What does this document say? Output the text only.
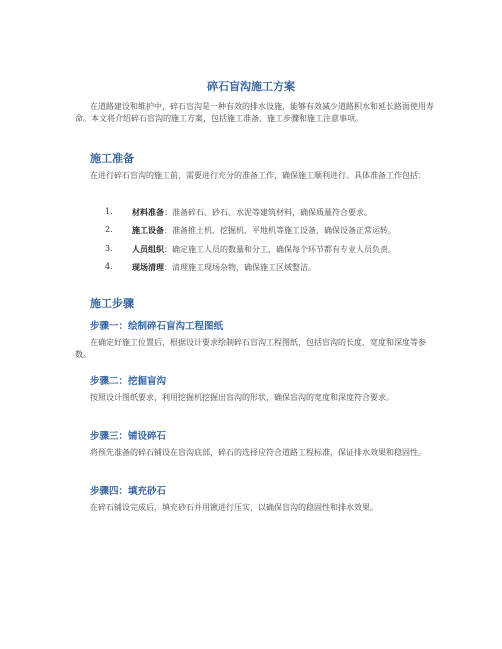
碎石盲沟施工方案

在道路建设和维护中，碎石盲沟是一种有效的排水设施，能够有效减少道路积水和延长路面使用寿命。本文将介绍碎石盲沟的施工方案，包括施工准备、施工步骤和施工注意事项。

施工准备

在进行碎石盲沟的施工前，需要进行充分的准备工作，确保施工顺利进行。具体准备工作包括：

1. 材料准备：准备碎石、砂石、水泥等建筑材料，确保质量符合要求。
2. 施工设备：准备推土机、挖掘机、平地机等施工设备，确保设备正常运转。
3. 人员组织：确定施工人员的数量和分工，确保每个环节都有专业人员负责。
4. 现场清理：清理施工现场杂物，确保施工区域整洁。
施工步骤
步骤一：绘制碎石盲沟工程图纸

在确定好施工位置后，根据设计要求绘制碎石盲沟工程图纸，包括盲沟的长度、宽度和深度等参数。

步骤二：挖掘盲沟

按照设计图纸要求，利用挖掘机挖掘出盲沟的形状，确保盲沟的宽度和深度符合要求。

步骤三：铺设碎石

将预先准备的碎石铺设在盲沟底部，碎石的选择应符合道路工程标准，保证排水效果和稳固性。

步骤四：填充砂石

在碎石铺设完成后，填充砂石并用锹进行压实，以确保盲沟的稳固性和排水效果。
